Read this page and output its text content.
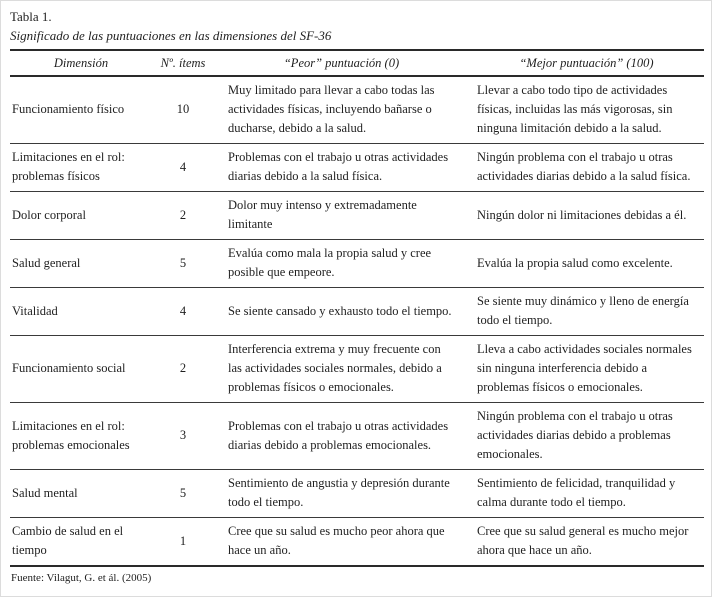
Tabla 1.
Significado de las puntuaciones en las dimensiones del SF-36
Dimensión	Nº. ítems	“Peor” puntuación (0)	“Mejor puntuación” (100)
Funcionamiento físico	10	Muy limitado para llevar a cabo todas las actividades físicas, incluyendo bañarse o ducharse, debido a la salud.	Llevar a cabo todo tipo de actividades físicas, incluidas las más vigorosas, sin ninguna limitación debido a la salud.
Limitaciones en el rol: problemas físicos	4	Problemas con el trabajo u otras actividades diarias debido a la salud física.	Ningún problema con el trabajo u otras actividades diarias debido a la salud física.
Dolor corporal	2	Dolor muy intenso y extremadamente limitante	Ningún dolor ni limitaciones debidas a él.
Salud general	5	Evalúa como mala la propia salud y cree posible que empeore.	Evalúa la propia salud como excelente.
Vitalidad	4	Se siente cansado y exhausto todo el tiempo.	Se siente muy dinámico y lleno de energía todo el tiempo.
Funcionamiento social	2	Interferencia extrema y muy frecuente con las actividades sociales normales, debido a problemas físicos o emocionales.	Lleva a cabo actividades sociales normales sin ninguna interferencia debido a problemas físicos o emocionales.
Limitaciones en el rol: problemas emocionales	3	Problemas con el trabajo u otras actividades diarias debido a problemas emocionales.	Ningún problema con el trabajo u otras actividades diarias debido a problemas emocionales.
Salud mental	5	Sentimiento de angustia y depresión durante todo el tiempo.	Sentimiento de felicidad, tranquilidad y calma durante todo el tiempo.
Cambio de salud en el tiempo	1	Cree que su salud es mucho peor ahora que hace un año.	Cree que su salud general es mucho mejor ahora que hace un año.
Fuente: Vilagut, G. et ál. (2005)
